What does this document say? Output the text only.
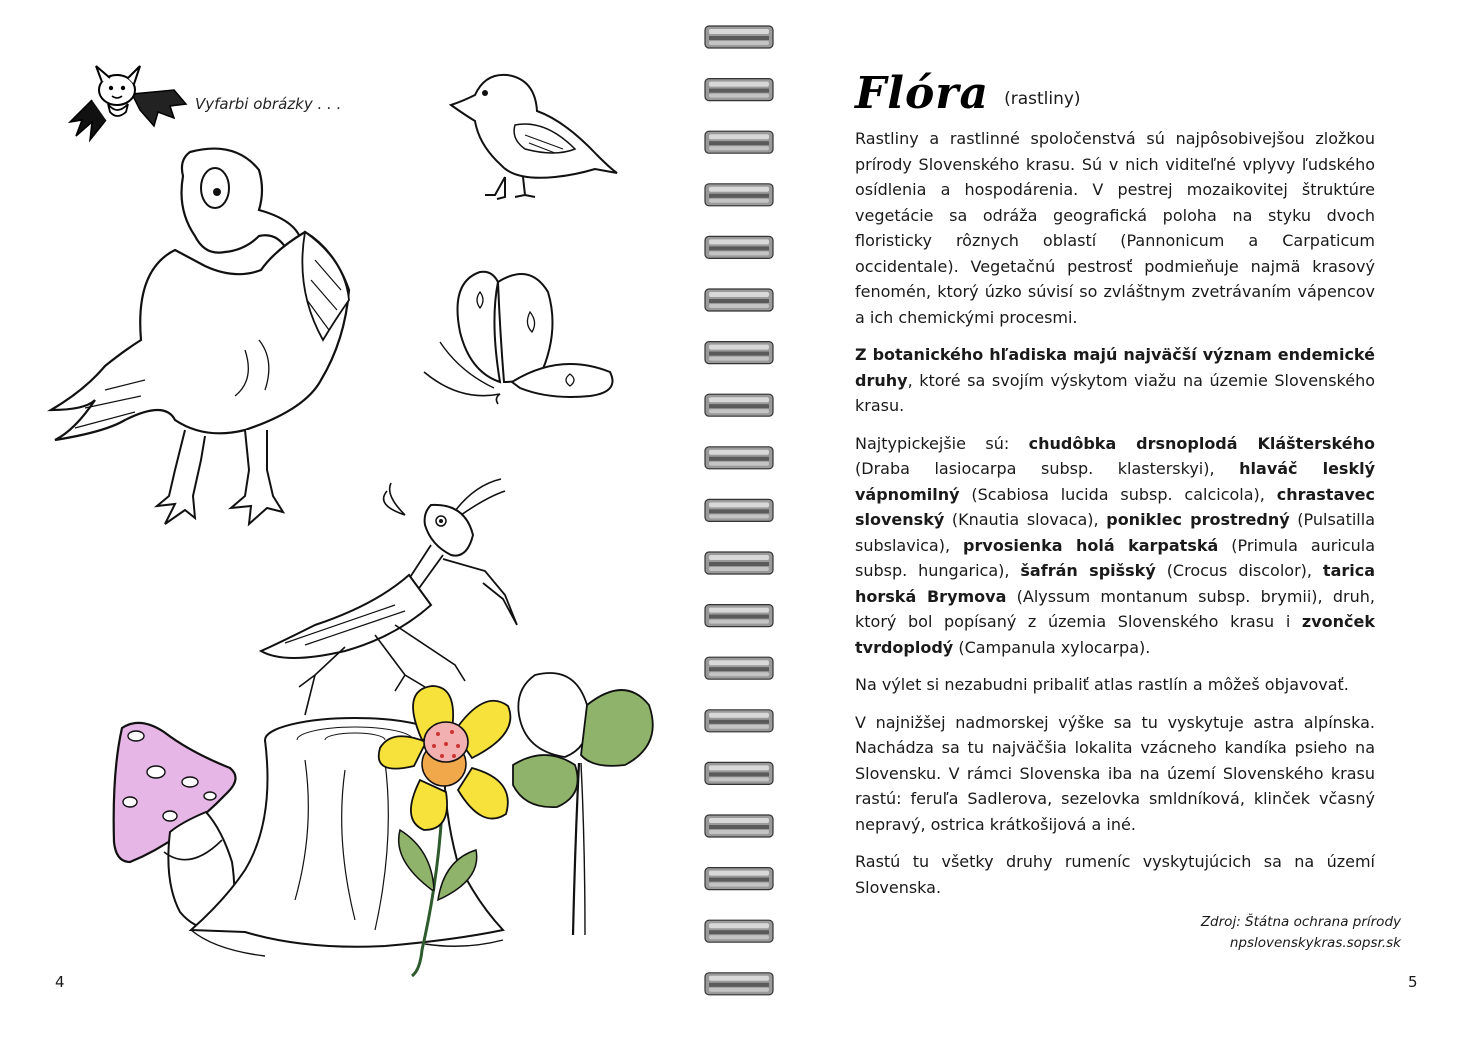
Vyfarbi obrázky . . .
4
Flóra (rastliny)

Rastliny a rastlinné spoločenstvá sú najpôsobivejšou zložkou prírody Slovenského krasu. Sú v nich viditeľné vplyvy ľudského osídlenia a hospodárenia. V pestrej mozaikovitej štruktúre vegetácie sa odráža geografická poloha na styku dvoch floristicky rôznych oblastí (Pannonicum a Carpaticum occidentale). Vegetačnú pestrosť podmieňuje najmä krasový fenomén, ktorý úzko súvisí so zvláštnym zvetrávaním vápencov a ich chemickými procesmi.

Z botanického hľadiska majú najväčší význam endemické druhy, ktoré sa svojím výskytom viažu na územie Slovenského krasu.

Najtypickejšie sú: chudôbka drsnoplodá Klášterského (Draba lasiocarpa subsp. klasterskyi), hlaváč lesklý vápnomilný (Scabiosa lucida subsp. calcicola), chrastavec slovenský (Knautia slovaca), poniklec prostredný (Pulsatilla subslavica), prvosienka holá karpatská (Primula auricula subsp. hungarica), šafrán spišský (Crocus discolor), tarica horská Brymova (Alyssum montanum subsp. brymii), druh, ktorý bol popísaný z územia Slovenského krasu i zvonček tvrdoplodý (Campanula xylocarpa).

Na výlet si nezabudni pribaliť atlas rastlín a môžeš objavovať.

V najnižšej nadmorskej výške sa tu vyskytuje astra alpínska. Nachádza sa tu najväčšia lokalita vzácneho kandíka psieho na Slovensku. V rámci Slovenska iba na území Slovenského krasu rastú: feruľa Sadlerova, sezelovka smldníková, klinček včasný nepravý, ostrica krátkošijová a iné.

Rastú tu všetky druhy rumeníc vyskytujúcich sa na území Slovenska.

Zdroj: Štátna ochrana prírody
npslovenskykras.sopsr.sk
5
